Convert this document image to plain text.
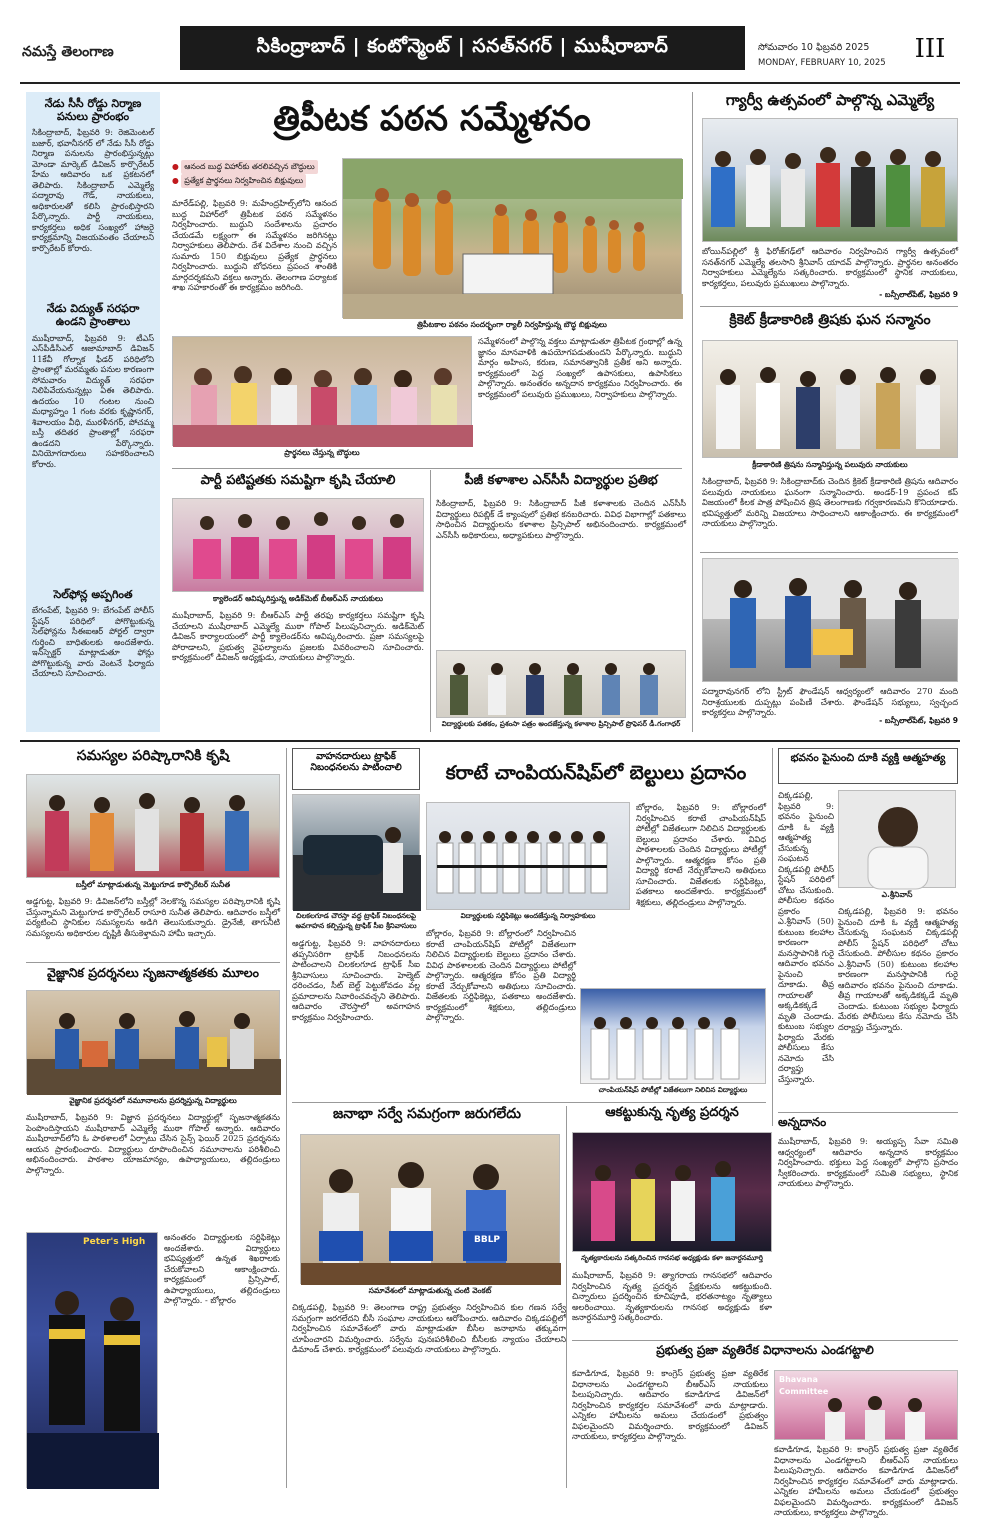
నమస్తే తెలంగాణ	సికింద్రాబాద్ | కంటోన్మెంట్ | సనత్‌నగర్ | ముషీరాబాద్	సోమవారం 10 ఫిబ్రవరి 2025
MONDAY, FEBRUARY 10, 2025	III
నేడు సీసీ రోడ్డు నిర్మాణ పనులు ప్రారంభం
సికింద్రాబాద్, ఫిబ్రవరి 9: రెజిమెంటల్ బజార్, భవానీనగర్ లో నేడు సీసీ రోడ్డు నిర్మాణ పనులను ప్రారంభిస్తున్నట్లు మోండా మార్కెట్ డివిజన్ కార్పొరేటర్ హేమ ఆదివారం ఒక ప్రకటనలో తెలిపారు. సికింద్రాబాద్ ఎమ్మెల్యే పద్మారావు గౌడ్, నాయకులు, అధికారులతో కలిసి ప్రారంభిస్తారని పేర్కొన్నారు. పార్టీ నాయకులు, కార్యకర్తలు అధిక సంఖ్యలో హాజరై కార్యక్రమాన్ని విజయవంతం చేయాలని కార్పొరేటర్ కోరారు.
నేడు విద్యుత్ సరఫరా ఉండని ప్రాంతాలు
ముషీరాబాద్, ఫిబ్రవరి 9: టీఎస్ ఎస్‌పీడీసీఎల్ ఆజామాబాద్ డివిజన్ 11కేవీ గోల్నాక ఫీడర్ పరిధిలోని ప్రాంతాల్లో మరమ్మతు పనుల కారణంగా సోమవారం విద్యుత్ సరఫరా నిలిపివేయనున్నట్లు ఏఈ తెలిపారు. ఉదయం 10 గంటల నుంచి మధ్యాహ్నం 1 గంట వరకు కృష్ణానగర్, శివాలయం వీధి, మురళీనగర్, పోచమ్మ బస్తీ తదితర ప్రాంతాల్లో సరఫరా ఉండదని పేర్కొన్నారు. వినియోగదారులు సహకరించాలని కోరారు.
సెల్‌ఫోన్ల అప్పగింత
బేగంపేట్, ఫిబ్రవరి 9: బేగంపేట్ పోలీస్ స్టేషన్ పరిధిలో పోగొట్టుకున్న సెల్‌ఫోన్లను సీఈఐఆర్ పోర్టల్ ద్వారా గుర్తించి బాధితులకు అందజేశారు. ఇన్‌స్పెక్టర్ మాట్లాడుతూ ఫోన్లు పోగొట్టుకున్న వారు వెంటనే ఫిర్యాదు చేయాలని సూచించారు.
త్రిపీటక పఠన సమ్మేళనం
● ఆనంద బుద్ధ విహార్‌కు తరలివచ్చిన బౌద్ధులు
● ప్రత్యేక ప్రార్థనలు నిర్వహించిన బిక్షువులు
మారేడ్‌పల్లి, ఫిబ్రవరి 9: మహేంద్రహిల్స్‌లోని ఆనంద బుద్ధ విహార్‌లో త్రిపీటక పఠన సమ్మేళనం నిర్వహించారు. బుద్ధుని సందేశాలను ప్రచారం చేయడమే లక్ష్యంగా ఈ సమ్మేళనం జరిగినట్లు నిర్వాహకులు తెలిపారు. దేశ విదేశాల నుంచి వచ్చిన సుమారు 150 బిక్షువులు ప్రత్యేక ప్రార్థనలు నిర్వహించారు. బుద్ధుని బోధనలు ప్రపంచ శాంతికి మార్గదర్శకమని వక్తలు అన్నారు. తెలంగాణ పర్యాటక శాఖ సహకారంతో ఈ కార్యక్రమం జరిగింది.
త్రిపీటకాల పఠనం సందర్భంగా ర్యాలీ నిర్వహిస్తున్న బౌద్ధ బిక్షువులు
ప్రార్థనలు చేస్తున్న బౌద్ధులు
సమ్మేళనంలో పాల్గొన్న వక్తలు మాట్లాడుతూ త్రిపీటక గ్రంథాల్లో ఉన్న జ్ఞానం మానవాళికి ఉపయోగపడుతుందని పేర్కొన్నారు. బుద్ధుని మార్గం అహింస, కరుణ, సమానత్వానికి ప్రతీక అని అన్నారు. కార్యక్రమంలో పెద్ద సంఖ్యలో ఉపాసకులు, ఉపాసికలు పాల్గొన్నారు. అనంతరం అన్నదాన కార్యక్రమం నిర్వహించారు. ఈ కార్యక్రమంలో పలువురు ప్రముఖులు, నిర్వాహకులు పాల్గొన్నారు.
గ్యార్వీ ఉత్సవంలో పాల్గొన్న ఎమ్మెల్యే
బోయిన్‌పల్లిలో శ్రీ ఫిరోజ్‌గఢ్‌లో ఆదివారం నిర్వహించిన గ్యార్వీ ఉత్సవంలో సనత్‌నగర్ ఎమ్మెల్యే తలసాని శ్రీనివాస్ యాదవ్ పాల్గొన్నారు. ప్రార్థనల అనంతరం నిర్వాహకులు ఎమ్మెల్యేను సత్కరించారు. కార్యక్రమంలో స్థానిక నాయకులు, కార్యకర్తలు, పలువురు ప్రముఖులు పాల్గొన్నారు.
- బన్సీలాల్‌పేట్, ఫిబ్రవరి 9
క్రికెట్ క్రీడాకారిణి త్రిషకు ఘన సన్మానం
క్రీడాకారిణి త్రిషను సన్మానిస్తున్న పలువురు నాయకులు
సికింద్రాబాద్, ఫిబ్రవరి 9: సికింద్రాబాద్‌కు చెందిన క్రికెట్ క్రీడాకారిణి త్రిషను ఆదివారం పలువురు నాయకులు ఘనంగా సన్మానించారు. అండర్-19 ప్రపంచ కప్ విజయంలో కీలక పాత్ర పోషించిన త్రిష తెలంగాణకు గర్వకారణమని కొనియాడారు. భవిష్యత్తులో మరిన్ని విజయాలు సాధించాలని ఆకాంక్షించారు. ఈ కార్యక్రమంలో నాయకులు పాల్గొన్నారు.
పద్మారావునగర్ లోని స్ట్రీట్ ఫౌండేషన్ ఆధ్వర్యంలో ఆదివారం 270 మంది నిరాశ్రయులకు దుప్పట్లు పంపిణీ చేశారు. ఫౌండేషన్ సభ్యులు, స్వచ్ఛంద కార్యకర్తలు పాల్గొన్నారు.
- బన్సీలాల్‌పేట్, ఫిబ్రవరి 9
పార్టీ పటిష్టతకు సమష్టిగా కృషి చేయాలి
క్యాలెండర్ ఆవిష్కరిస్తున్న అడిక్‌మెట్ బీఆర్ఎస్ నాయకులు
ముషీరాబాద్, ఫిబ్రవరి 9: బీఆర్ఎస్ పార్టీ తరఫు కార్యకర్తలు సమష్టిగా కృషి చేయాలని ముషీరాబాద్ ఎమ్మెల్యే ముఠా గోపాల్ పిలుపునిచ్చారు. అడిక్‌మెట్ డివిజన్ కార్యాలయంలో పార్టీ క్యాలెండర్‌ను ఆవిష్కరించారు. ప్రజా సమస్యలపై పోరాడాలని, ప్రభుత్వ వైఫల్యాలను ప్రజలకు వివరించాలని సూచించారు. కార్యక్రమంలో డివిజన్ అధ్యక్షుడు, నాయకులు పాల్గొన్నారు.
పీజీ కళాశాల ఎన్‌సీసీ విద్యార్థుల ప్రతిభ
సికింద్రాబాద్, ఫిబ్రవరి 9: సికింద్రాబాద్ పీజీ కళాశాలకు చెందిన ఎన్‌సీసీ విద్యార్థులు రిపబ్లిక్ డే క్యాంపులో ప్రతిభ కనబరిచారు. వివిధ విభాగాల్లో పతకాలు సాధించిన విద్యార్థులను కళాశాల ప్రిన్సిపాల్ అభినందించారు. కార్యక్రమంలో ఎన్‌సీసీ అధికారులు, అధ్యాపకులు పాల్గొన్నారు.
విద్యార్థులకు పతకం, ప్రశంసా పత్రం అందజేస్తున్న కళాశాల ప్రిన్సిపాల్ ప్రొఫెసర్ డీ.గంగాధర్
సమస్యల పరిష్కారానికి కృషి
బస్తీలో మాట్లాడుతున్న మెట్టుగూడ కార్పొరేటర్ సునీత
అడ్డగుట్ట, ఫిబ్రవరి 9: డివిజన్‌లోని బస్తీల్లో నెలకొన్న సమస్యల పరిష్కారానికి కృషి చేస్తున్నామని మెట్టుగూడ కార్పొరేటర్ రాసూరి సునీత తెలిపారు. ఆదివారం బస్తీలో పర్యటించి స్థానికుల సమస్యలను అడిగి తెలుసుకున్నారు. డ్రైనేజీ, తాగునీటి సమస్యలను అధికారుల దృష్టికి తీసుకెళ్తామని హామీ ఇచ్చారు.
వైజ్ఞానిక ప్రదర్శనలు సృజనాత్మకతకు మూలం
వైజ్ఞానిక ప్రదర్శనలో నమూనాలను ప్రదర్శిస్తున్న విద్యార్థులు
ముషీరాబాద్, ఫిబ్రవరి 9: విజ్ఞాన ప్రదర్శనలు విద్యార్థుల్లో సృజనాత్మకతను పెంపొందిస్తాయని ముషీరాబాద్ ఎమ్మెల్యే ముఠా గోపాల్ అన్నారు. ఆదివారం ముషీరాబాద్‌లోని ఓ పాఠశాలలో ఏర్పాటు చేసిన సైన్స్ ఫెయిర్ 2025 ప్రదర్శనను ఆయన ప్రారంభించారు. విద్యార్థులు రూపొందించిన నమూనాలను పరిశీలించి అభినందించారు. పాఠశాల యాజమాన్యం, ఉపాధ్యాయులు, తల్లిదండ్రులు పాల్గొన్నారు.
Peter's High	అనంతరం విద్యార్థులకు సర్టిఫికెట్లు అందజేశారు. విద్యార్థులు భవిష్యత్తులో ఉన్నత శిఖరాలకు చేరుకోవాలని ఆకాంక్షించారు. కార్యక్రమంలో ప్రిన్సిపాల్, ఉపాధ్యాయులు, తల్లిదండ్రులు పాల్గొన్నారు. - బోల్లారం
వాహనదారులు ట్రాఫిక్ నిబంధనలను పాటించాలి
చిలకలగూడ చౌరస్తా వద్ద ట్రాఫిక్ నిబంధనలపై అవగాహన కల్పిస్తున్న ట్రాఫిక్ సీఐ శ్రీనివాసులు
అడ్డగుట్ట, ఫిబ్రవరి 9: వాహనదారులు తప్పనిసరిగా ట్రాఫిక్ నిబంధనలను పాటించాలని చిలకలగూడ ట్రాఫిక్ సీఐ శ్రీనివాసులు సూచించారు. హెల్మెట్ ధరించడం, సీట్ బెల్ట్ పెట్టుకోవడం వల్ల ప్రమాదాలను నివారించవచ్చని తెలిపారు. ఆదివారం చౌరస్తాలో అవగాహన కార్యక్రమం నిర్వహించారు.
కరాటే చాంపియన్‌షిప్‌లో బెల్టులు ప్రదానం
విద్యార్థులకు సర్టిఫికెట్లు అందజేస్తున్న నిర్వాహకులు
బోల్లారం, ఫిబ్రవరి 9: బోల్లారంలో నిర్వహించిన కరాటే చాంపియన్‌షిప్ పోటీల్లో విజేతలుగా నిలిచిన విద్యార్థులకు బెల్టులు ప్రదానం చేశారు. వివిధ పాఠశాలలకు చెందిన విద్యార్థులు పోటీల్లో పాల్గొన్నారు. ఆత్మరక్షణ కోసం ప్రతి విద్యార్థి కరాటే నేర్చుకోవాలని అతిథులు సూచించారు. విజేతలకు సర్టిఫికెట్లు, పతకాలు అందజేశారు. కార్యక్రమంలో శిక్షకులు, తల్లిదండ్రులు పాల్గొన్నారు.
బోల్లారం, ఫిబ్రవరి 9: బోల్లారంలో నిర్వహించిన కరాటే చాంపియన్‌షిప్ పోటీల్లో విజేతలుగా నిలిచిన విద్యార్థులకు బెల్టులు ప్రదానం చేశారు. వివిధ పాఠశాలలకు చెందిన విద్యార్థులు పోటీల్లో పాల్గొన్నారు. ఆత్మరక్షణ కోసం ప్రతి విద్యార్థి కరాటే నేర్చుకోవాలని అతిథులు సూచించారు. విజేతలకు సర్టిఫికెట్లు, పతకాలు అందజేశారు. కార్యక్రమంలో శిక్షకులు, తల్లిదండ్రులు పాల్గొన్నారు.
చాంపియన్‌షిప్ పోటీల్లో విజేతలుగా నిలిచిన విద్యార్థులు
భవనం పైనుంచి దూకి వ్యక్తి ఆత్మహత్య
ఎ.శ్రీనివాస్
చిక్కడపల్లి, ఫిబ్రవరి 9: భవనం పైనుంచి దూకి ఓ వ్యక్తి ఆత్మహత్య చేసుకున్న సంఘటన చిక్కడపల్లి పోలీస్ స్టేషన్ పరిధిలో చోటు చేసుకుంది. పోలీసుల కథనం ప్రకారం ఎ.శ్రీనివాస్ (50) కుటుంబ కలహాల కారణంగా మనస్తాపానికి గురై ఆదివారం భవనం పైనుంచి దూకాడు. తీవ్ర గాయాలతో అక్కడికక్కడే మృతి చెందాడు. కుటుంబ సభ్యుల ఫిర్యాదు మేరకు పోలీసులు కేసు నమోదు చేసి దర్యాప్తు చేస్తున్నారు.
చిక్కడపల్లి, ఫిబ్రవరి 9: భవనం పైనుంచి దూకి ఓ వ్యక్తి ఆత్మహత్య చేసుకున్న సంఘటన చిక్కడపల్లి పోలీస్ స్టేషన్ పరిధిలో చోటు చేసుకుంది. పోలీసుల కథనం ప్రకారం ఎ.శ్రీనివాస్ (50) కుటుంబ కలహాల కారణంగా మనస్తాపానికి గురై ఆదివారం భవనం పైనుంచి దూకాడు. తీవ్ర గాయాలతో అక్కడికక్కడే మృతి చెందాడు. కుటుంబ సభ్యుల ఫిర్యాదు మేరకు పోలీసులు కేసు నమోదు చేసి దర్యాప్తు చేస్తున్నారు.
అన్నదానం
ముషీరాబాద్, ఫిబ్రవరి 9: అయ్యప్ప సేవా సమితి ఆధ్వర్యంలో ఆదివారం అన్నదాన కార్యక్రమం నిర్వహించారు. భక్తులు పెద్ద సంఖ్యలో పాల్గొని ప్రసాదం స్వీకరించారు. కార్యక్రమంలో సమితి సభ్యులు, స్థానిక నాయకులు పాల్గొన్నారు.
జనాభా సర్వే సమగ్రంగా జరుగలేదు
BBLP
సమావేశంలో మాట్లాడుతున్న చంటి వెంకట్
చిక్కడపల్లి, ఫిబ్రవరి 9: తెలంగాణ రాష్ట్ర ప్రభుత్వం నిర్వహించిన కుల గణన సర్వే సమగ్రంగా జరగలేదని బీసీ సంఘాల నాయకులు ఆరోపించారు. ఆదివారం చిక్కడపల్లిలో నిర్వహించిన సమావేశంలో వారు మాట్లాడుతూ బీసీల జనాభాను తక్కువగా చూపించారని విమర్శించారు. సర్వేను పునఃపరిశీలించి బీసీలకు న్యాయం చేయాలని డిమాండ్ చేశారు. కార్యక్రమంలో పలువురు నాయకులు పాల్గొన్నారు.
ఆకట్టుకున్న నృత్య ప్రదర్శన
నృత్యకారులను సత్కరించిన గానసభ అధ్యక్షుడు కళా జనార్దనమూర్తి
ముషీరాబాద్, ఫిబ్రవరి 9: త్యాగరాయ గానసభలో ఆదివారం నిర్వహించిన నృత్య ప్రదర్శన ప్రేక్షకులను ఆకట్టుకుంది. చిన్నారులు ప్రదర్శించిన కూచిపూడి, భరతనాట్యం నృత్యాలు అలరించాయి. నృత్యకారులను గానసభ అధ్యక్షుడు కళా జనార్దనమూర్తి సత్కరించారు.
ప్రభుత్వ ప్రజా వ్యతిరేక విధానాలను ఎండగట్టాలి
కవాడిగూడ, ఫిబ్రవరి 9: కాంగ్రెస్ ప్రభుత్వ ప్రజా వ్యతిరేక విధానాలను ఎండగట్టాలని బీఆర్ఎస్ నాయకులు పిలుపునిచ్చారు. ఆదివారం కవాడిగూడ డివిజన్‌లో నిర్వహించిన కార్యకర్తల సమావేశంలో వారు మాట్లాడారు. ఎన్నికల హామీలను అమలు చేయడంలో ప్రభుత్వం విఫలమైందని విమర్శించారు. కార్యక్రమంలో డివిజన్ నాయకులు, కార్యకర్తలు పాల్గొన్నారు.
Bhavana
Committee
కవాడిగూడ, ఫిబ్రవరి 9: కాంగ్రెస్ ప్రభుత్వ ప్రజా వ్యతిరేక విధానాలను ఎండగట్టాలని బీఆర్ఎస్ నాయకులు పిలుపునిచ్చారు. ఆదివారం కవాడిగూడ డివిజన్‌లో నిర్వహించిన కార్యకర్తల సమావేశంలో వారు మాట్లాడారు. ఎన్నికల హామీలను అమలు చేయడంలో ప్రభుత్వం విఫలమైందని విమర్శించారు. కార్యక్రమంలో డివిజన్ నాయకులు, కార్యకర్తలు పాల్గొన్నారు.
